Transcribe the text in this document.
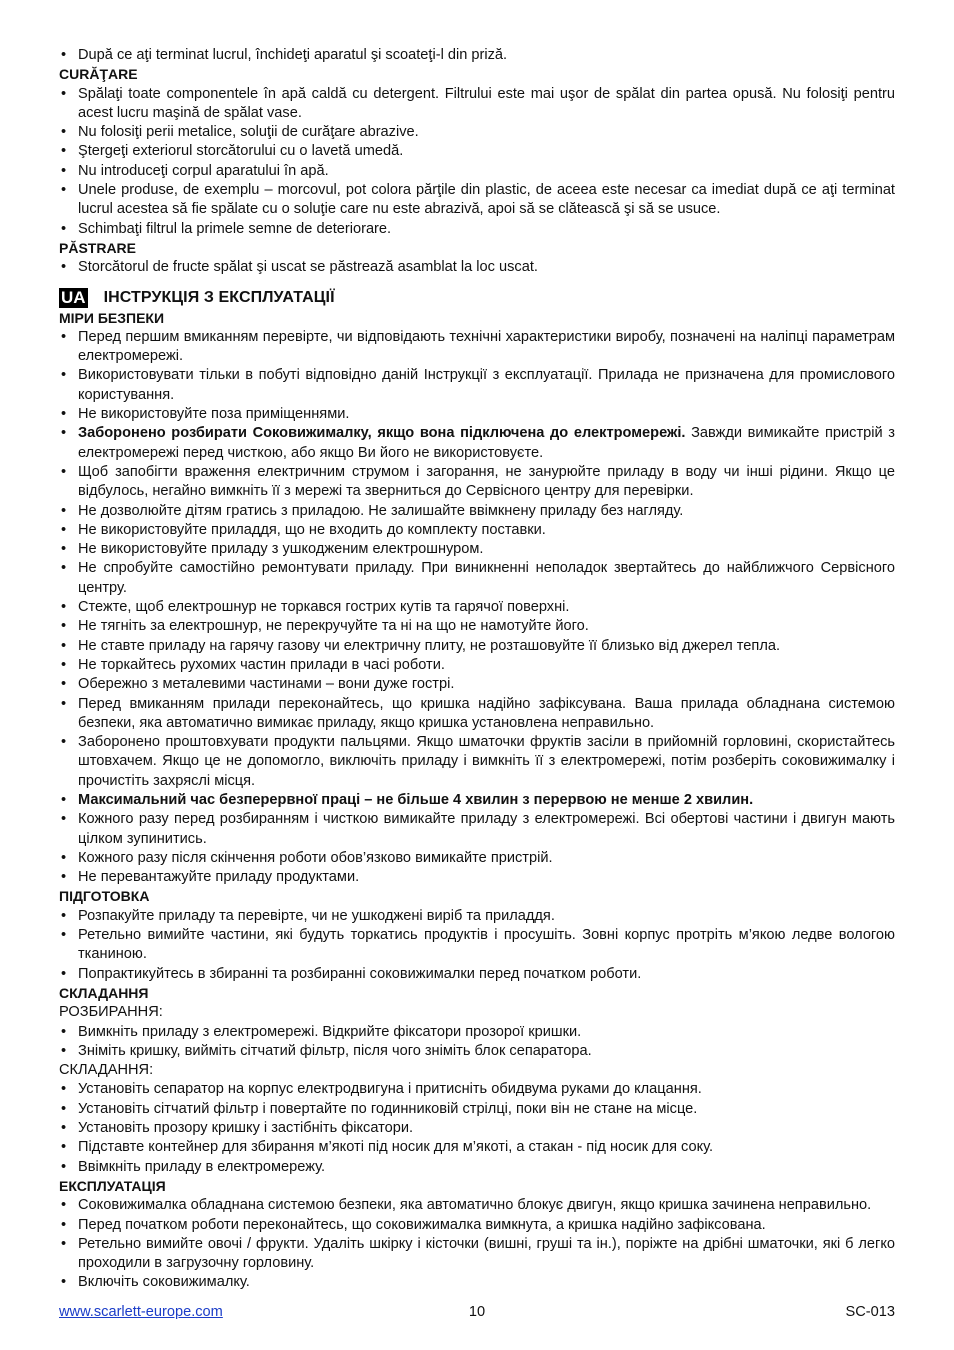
• După ce aţi terminat lucrul, închideţi aparatul şi scoateţi-l din priză.
CURĂŢARE
• Spălaţi toate componentele în apă caldă cu detergent. Filtrului este mai uşor de spălat din partea opusă. Nu folosiţi pentru acest lucru maşină de spălat vase.
• Nu folosiţi perii metalice, soluţii de curăţare abrazive.
• Ştergeţi exteriorul storcătorului cu o lavetă umedă.
• Nu introduceţi corpul aparatului în apă.
• Unele produse, de exemplu – morcovul, pot colora părţile din plastic, de aceea este necesar ca imediat după ce aţi terminat lucrul acestea să fie spălate cu o soluţie care nu este abrazivă, apoi să se clătească şi să se usuce.
• Schimbaţi filtrul la primele semne de deteriorare.
PĂSTRARE
• Storcătorul de fructe spălat şi uscat se păstrează asamblat la loc uscat.
UA ІНСТРУКЦІЯ З ЕКСПЛУАТАЦІЇ
МІРИ БЕЗПЕКИ
• Перед першим вмиканням перевірте, чи відповідають технічні характеристики виробу, позначені на наліпці параметрам електромережі.
• Використовувати тільки в побуті відповідно даній Інструкції з експлуатації. Прилада не призначена для промислового користування.
• Не використовуйте поза приміщеннями.
• Заборонено розбирати Соковижималку, якщо вона підключена до електромережі. Завжди вимикайте пристрій з електромережі перед чисткою, або якщо Ви його не використовуєте.
• Щоб запобігти враження електричним струмом і загорання, не занурюйте приладу в воду чи інші рідини. Якщо це відбулось, негайно вимкніть її з мережі та зверниться до Сервісного центру для перевірки.
• Не дозволюйте дітям гратись з приладою. Не залишайте ввімкнену приладу без нагляду.
• Не використовуйте приладдя, що не входить до комплекту поставки.
• Не використовуйте приладу з ушкодженим електрошнуром.
• Не спробуйте самостійно ремонтувати приладу. При виникненні неполадок звертайтесь до найближчого Сервісного центру.
• Стежте, щоб електрошнур не торкався гострих кутів та гарячої поверхні.
• Не тягніть за електрошнур, не перекручуйте та ні на що не намотуйте його.
• Не ставте приладу на гарячу газову чи електричну плиту, не розташовуйте її близько від джерел тепла.
• Не торкайтесь рухомих частин прилади в часі роботи.
• Обережно з металевими частинами – вони дуже гострі.
• Перед вмиканням прилади переконайтесь, що кришка надійно зафіксувана. Ваша прилада обладнана системою безпеки, яка автоматично вимикає приладу, якщо кришка установлена неправильно.
• Заборонено проштовхувати продукти пальцями. Якщо шматочки фруктів засіли в прийомній горловині, скористайтесь штовхачем. Якщо це не допомогло, виключіть приладу і вимкніть її з електромережі, потім розберіть соковижималку і прочистіть захряслі місця.
• Максимальний час безперервної праці – не більше 4 хвилин з перервою не менше 2 хвилин.
• Кожного разу перед розбиранням і чисткою вимикайте приладу з електромережі. Всі обертові частини і двигун мають цілком зупинитись.
• Кожного разу після скінчення роботи обов’язково вимикайте пристрій.
• Не перевантажуйте приладу продуктами.
ПІДГОТОВКА
• Розпакуйте приладу та перевірте, чи не ушкоджені виріб та приладдя.
• Ретельно вимийте частини, які будуть торкатись продуктів і просушіть. Зовні корпус протріть м’якою ледве вологою тканиною.
• Попрактикуйтесь в збиранні та розбиранні соковижималки перед початком роботи.
СКЛАДАННЯ
РОЗБИРАННЯ:
• Вимкніть приладу з електромережі. Відкрийте фіксатори прозорої кришки.
• Зніміть кришку, вийміть сітчатий фільтр, після чого зніміть блок сепаратора.
СКЛАДАННЯ:
• Установіть сепаратор на корпус електродвигуна і притисніть обидвума руками до клацання.
• Установіть сітчатий фільтр і повертайте по годинниковій стрілці, поки він не стане на місце.
• Установіть прозору кришку і застібніть фіксатори.
• Підставте контейнер для збирання м’якоті під носик для м’якоті, а стакан - під носик для соку.
• Ввімкніть приладу в електромережу.
ЕКСПЛУАТАЦІЯ
• Соковижималка обладнана системою безпеки, яка автоматично блокує двигун, якщо кришка зачинена неправильно.
• Перед початком роботи переконайтесь, що соковижималка вимкнута, а кришка надійно зафіксована.
• Ретельно вимийте овочі / фрукти. Удаліть шкірку і кісточки (вишні, груші та ін.), поріжте на дрібні шматочки, які б легко проходили в загрузочну горловину.
• Включіть соковижималку.
10
www.scarlett-europe.com	SC-013
